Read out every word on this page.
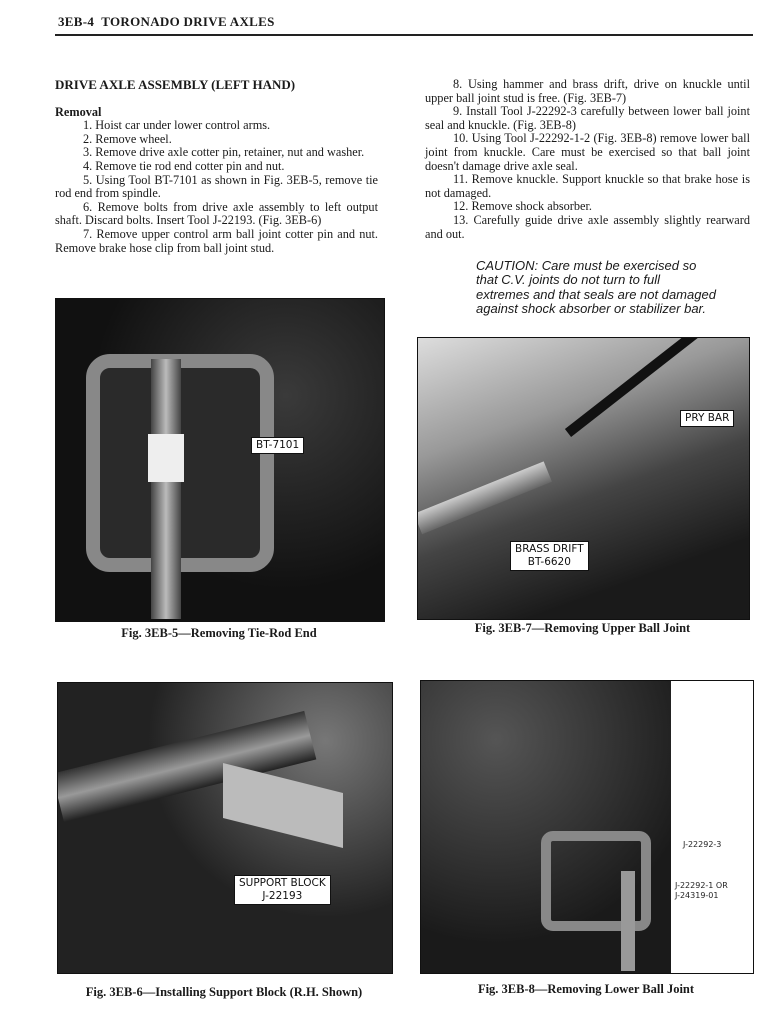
3EB-4 TORONADO DRIVE AXLES

DRIVE AXLE ASSEMBLY (LEFT HAND)

Removal

1. Hoist car under lower control arms.

2. Remove wheel.

3. Remove drive axle cotter pin, retainer, nut and washer.

4. Remove tie rod end cotter pin and nut.

5. Using Tool BT-7101 as shown in Fig. 3EB-5, remove tie rod end from spindle.

6. Remove bolts from drive axle assembly to left output shaft. Discard bolts. Insert Tool J-22193. (Fig. 3EB-6)

7. Remove upper control arm ball joint cotter pin and nut. Remove brake hose clip from ball joint stud.

8. Using hammer and brass drift, drive on knuckle until upper ball joint stud is free. (Fig. 3EB-7)

9. Install Tool J-22292-3 carefully between lower ball joint seal and knuckle. (Fig. 3EB-8)

10. Using Tool J-22292-1-2 (Fig. 3EB-8) remove lower ball joint from knuckle. Care must be exercised so that ball joint doesn't damage drive axle seal.

11. Remove knuckle. Support knuckle so that brake hose is not damaged.

12. Remove shock absorber.

13. Carefully guide drive axle assembly slightly rearward and out.

CAUTION: Care must be exercised so that C.V. joints do not turn to full extremes and that seals are not damaged against shock absorber or stabilizer bar.
BT-7101
Fig. 3EB-5—Removing Tie-Rod End
PRY BAR
BRASS DRIFT
BT-6620
Fig. 3EB-7—Removing Upper Ball Joint
SUPPORT BLOCK
J-22193
Fig. 3EB-6—Installing Support Block (R.H. Shown)
J-22292-3
J-22292-1 OR
J-24319-01
Fig. 3EB-8—Removing Lower Ball Joint
